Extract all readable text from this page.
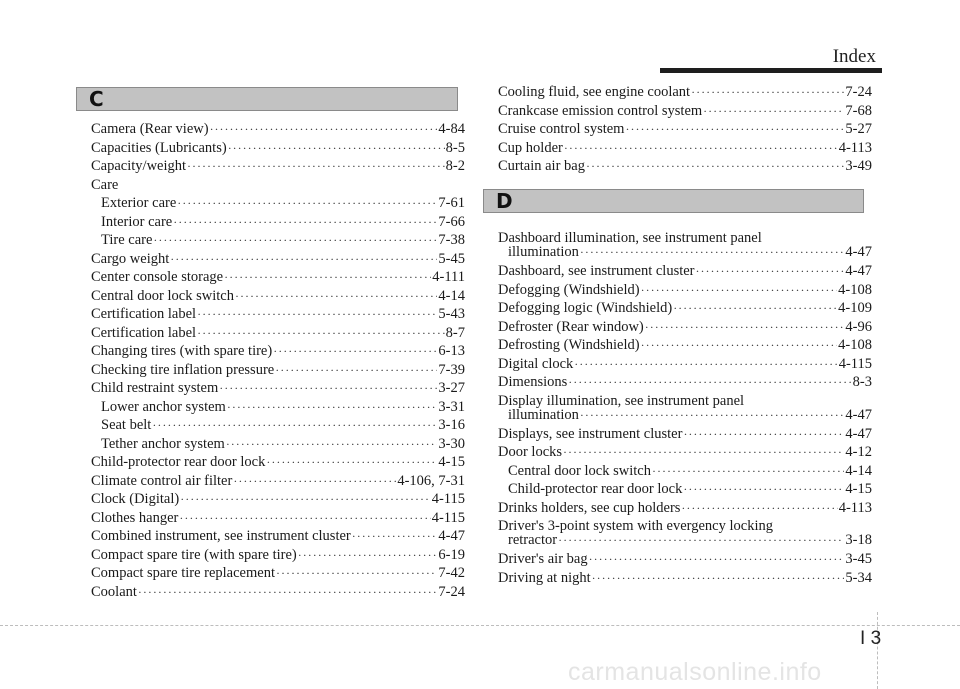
Index
C
Camera (Rear view) ·····	4-84
Capacities (Lubricants) ·····	8-5
Capacity/weight ·····	8-2
Care
Exterior care ·····	7-61
Interior care ·····	7-66
Tire care ·····	7-38
Cargo weight ·····	5-45
Center console storage ·····	4-111
Central door lock switch ·····	4-14
Certification label ·····	5-43
Certification label ·····	8-7
Changing tires (with spare tire) ·····	6-13
Checking tire inflation pressure ·····	7-39
Child restraint system ·····	3-27
Lower anchor system ·····	3-31
Seat belt ·····	3-16
Tether anchor system ·····	3-30
Child-protector rear door lock ·····	4-15
Climate control air filter ·····	4-106, 7-31
Clock (Digital) ·····	4-115
Clothes hanger ·····	4-115
Combined instrument, see instrument cluster ·····	4-47
Compact spare tire (with spare tire) ·····	6-19
Compact spare tire replacement ·····	7-42
Coolant ·····	7-24
Cooling fluid, see engine coolant ·····	7-24
Crankcase emission control system ·····	7-68
Cruise control system ·····	5-27
Cup holder ·····	4-113
Curtain air bag ·····	3-49
D
Dashboard illumination, see instrument panel
illumination ·····	4-47
Dashboard, see instrument cluster ·····	4-47
Defogging (Windshield) ·····	4-108
Defogging logic (Windshield) ·····	4-109
Defroster (Rear window) ·····	4-96
Defrosting (Windshield) ·····	4-108
Digital clock ·····	4-115
Dimensions ·····	8-3
Display illumination, see instrument panel
illumination ·····	4-47
Displays, see instrument cluster ·····	4-47
Door locks ·····	4-12
Central door lock switch ·····	4-14
Child-protector rear door lock ·····	4-15
Drinks holders, see cup holders ·····	4-113
Driver's 3-point system with evergency locking
retractor ·····	3-18
Driver's air bag ·····	3-45
Driving at night ·····	5-34
I 3
carmanualsonline.info
